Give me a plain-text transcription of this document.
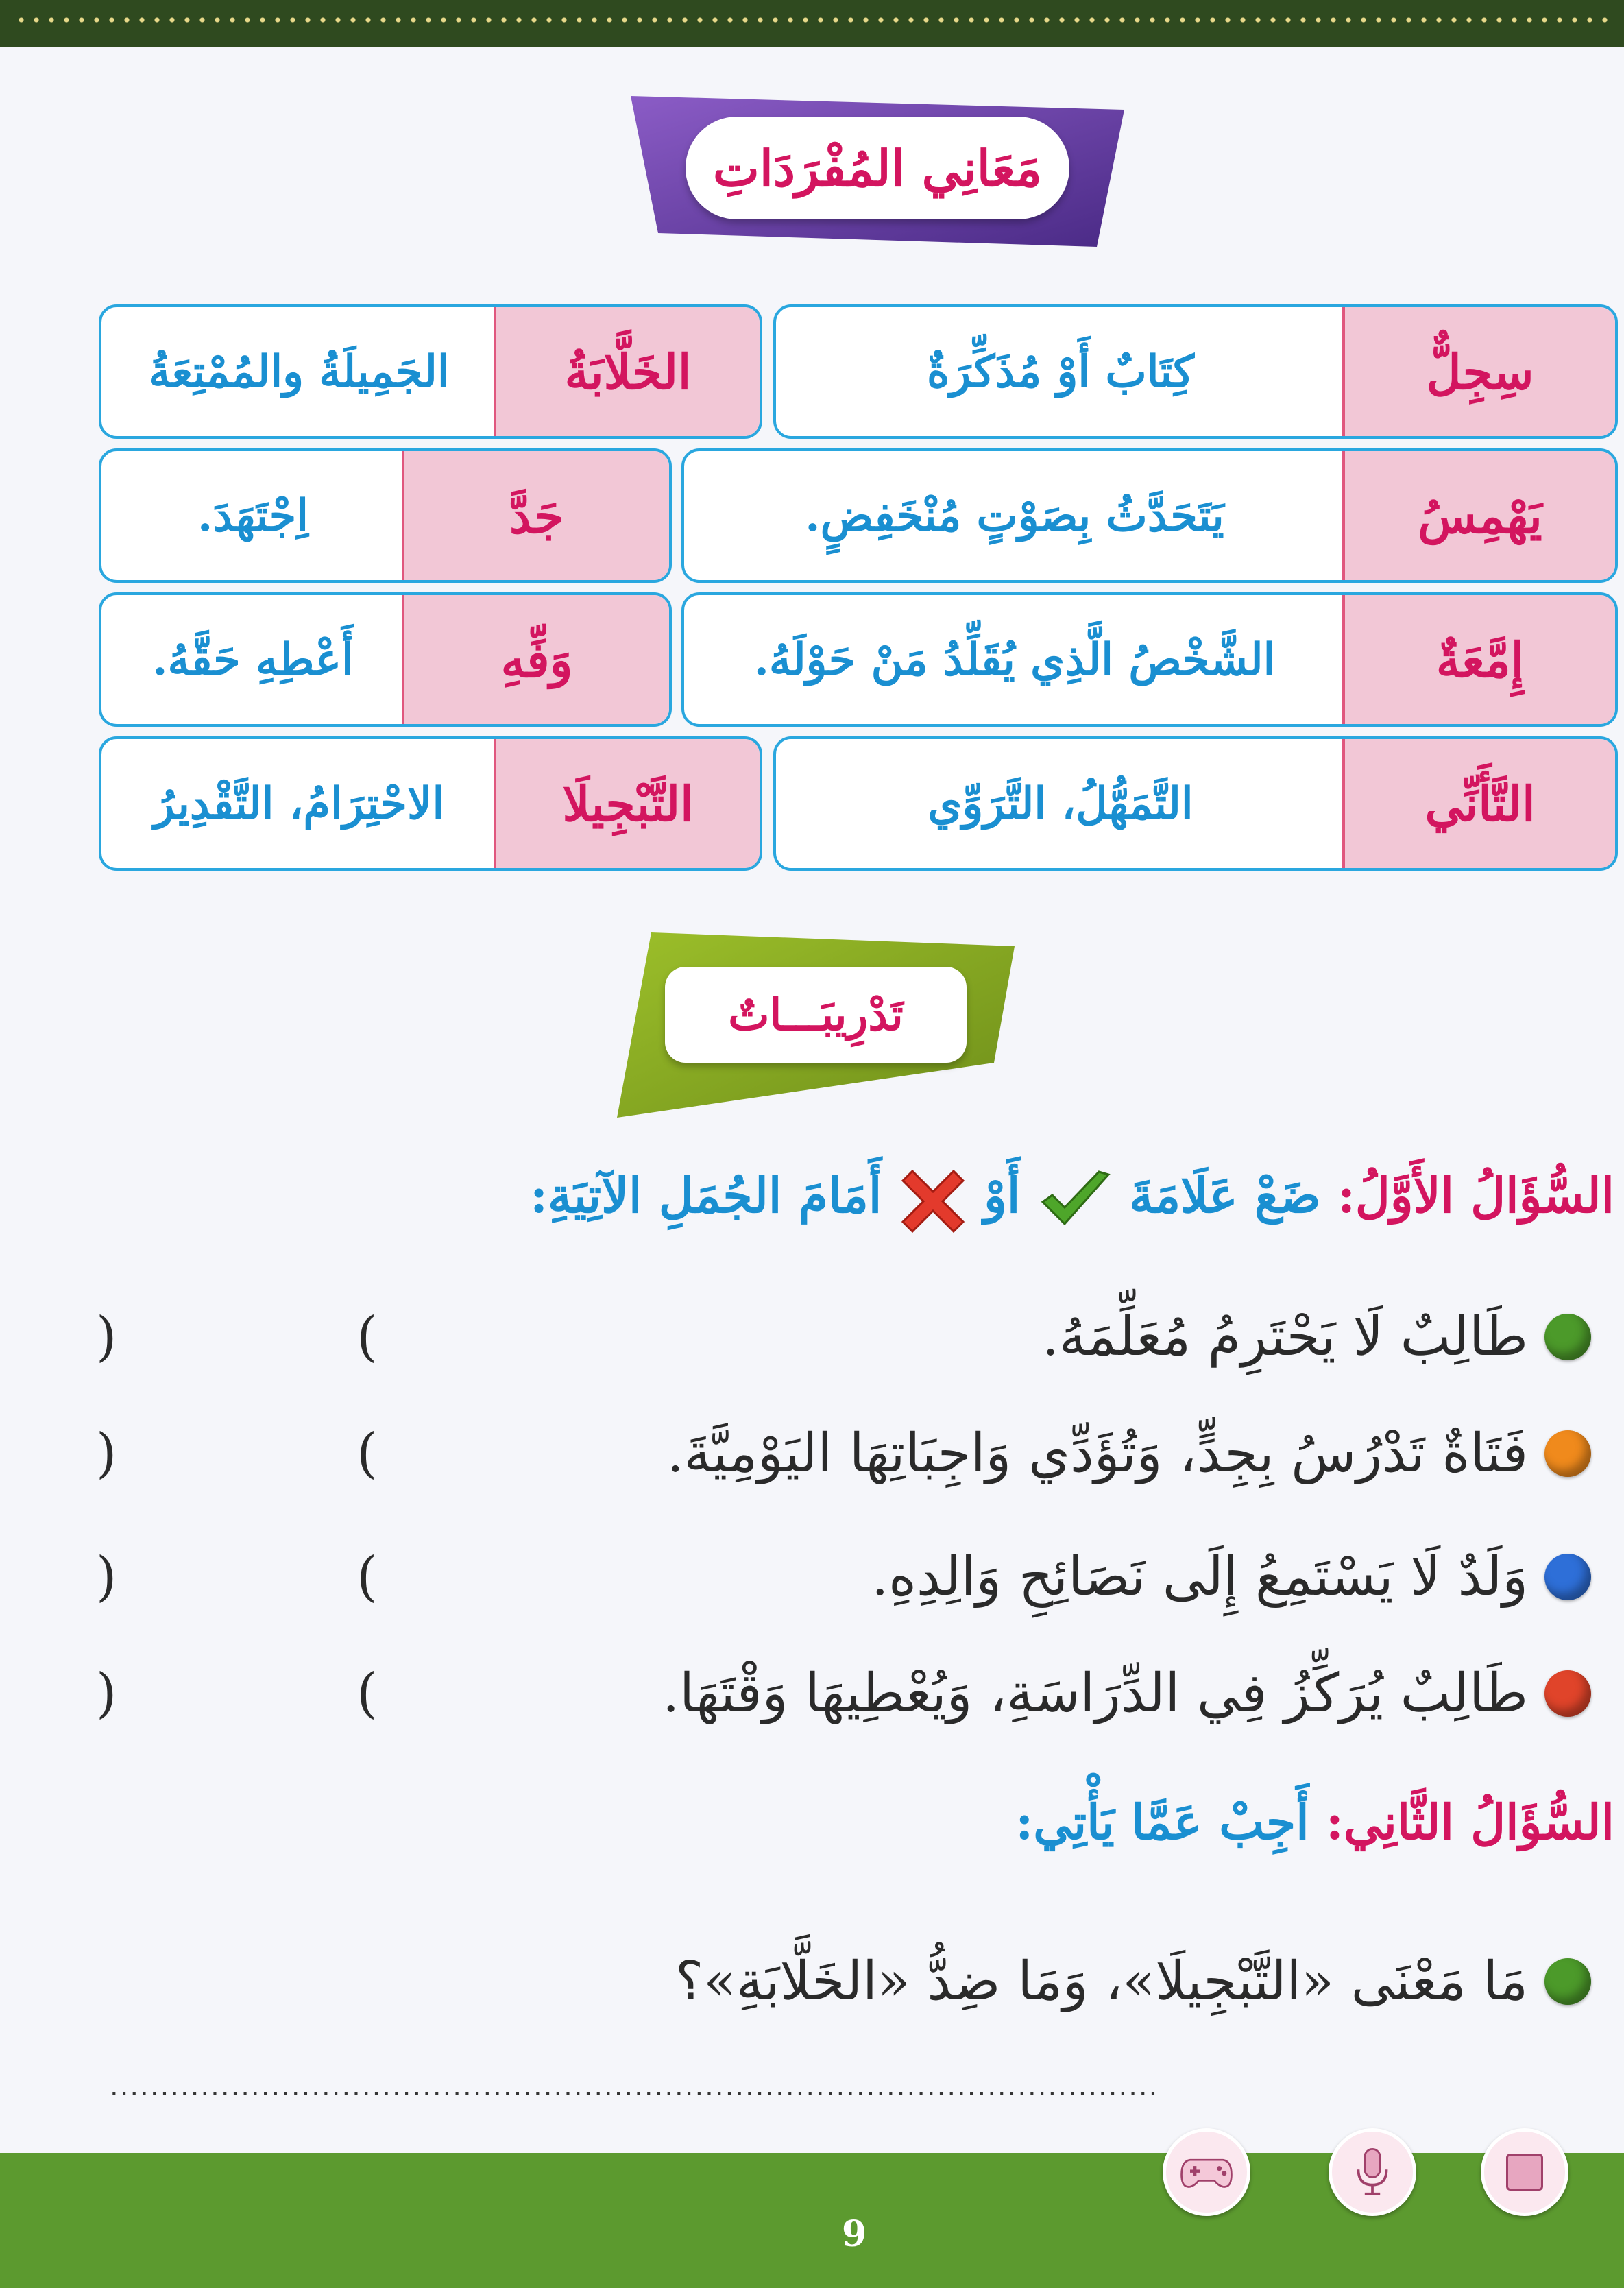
مَعَانِي المُفْرَدَاتِ
سِجِلٌّ
كِتَابٌ أَوْ مُذَكِّرَةٌ
الخَلَّابَةُ
الجَمِيلَةُ والمُمْتِعَةُ
يَهْمِسُ
يَتَحَدَّثُ بِصَوْتٍ مُنْخَفِضٍ.
جَدَّ
اِجْتَهَدَ.
إِمَّعَةٌ
الشَّخْصُ الَّذِي يُقَلِّدُ مَنْ حَوْلَهُ.
وَفِّهِ
أَعْطِهِ حَقَّهُ.
التَّأَنِّي
التَّمَهُّلُ، التَّرَوِّي
التَّبْجِيلَا
الاحْتِرَامُ، التَّقْدِيرُ
تَدْرِيبَـــاتٌ
السُّؤَالُ الأَوَّلُ: ضَعْ عَلَامَةَ  أَوْ  أَمَامَ الجُمَلِ الآتِيَةِ:
طَالِبٌ لَا يَحْتَرِمُ مُعَلِّمَهُ.
(
)
فَتَاةٌ تَدْرُسُ بِجِدٍّ، وَتُؤَدِّي وَاجِبَاتِهَا اليَوْمِيَّةَ.
(
)
وَلَدٌ لَا يَسْتَمِعُ إِلَى نَصَائِحِ وَالِدِهِ.
(
)
طَالِبٌ يُرَكِّزُ فِي الدِّرَاسَةِ، وَيُعْطِيهَا وَقْتَهَا.
(
)
السُّؤَالُ الثَّانِي: أَجِبْ عَمَّا يَأْتِي:
مَا مَعْنَى «التَّبْجِيلَا»، وَمَا ضِدُّ «الخَلَّابَةِ»؟
........................................................................................................
9
